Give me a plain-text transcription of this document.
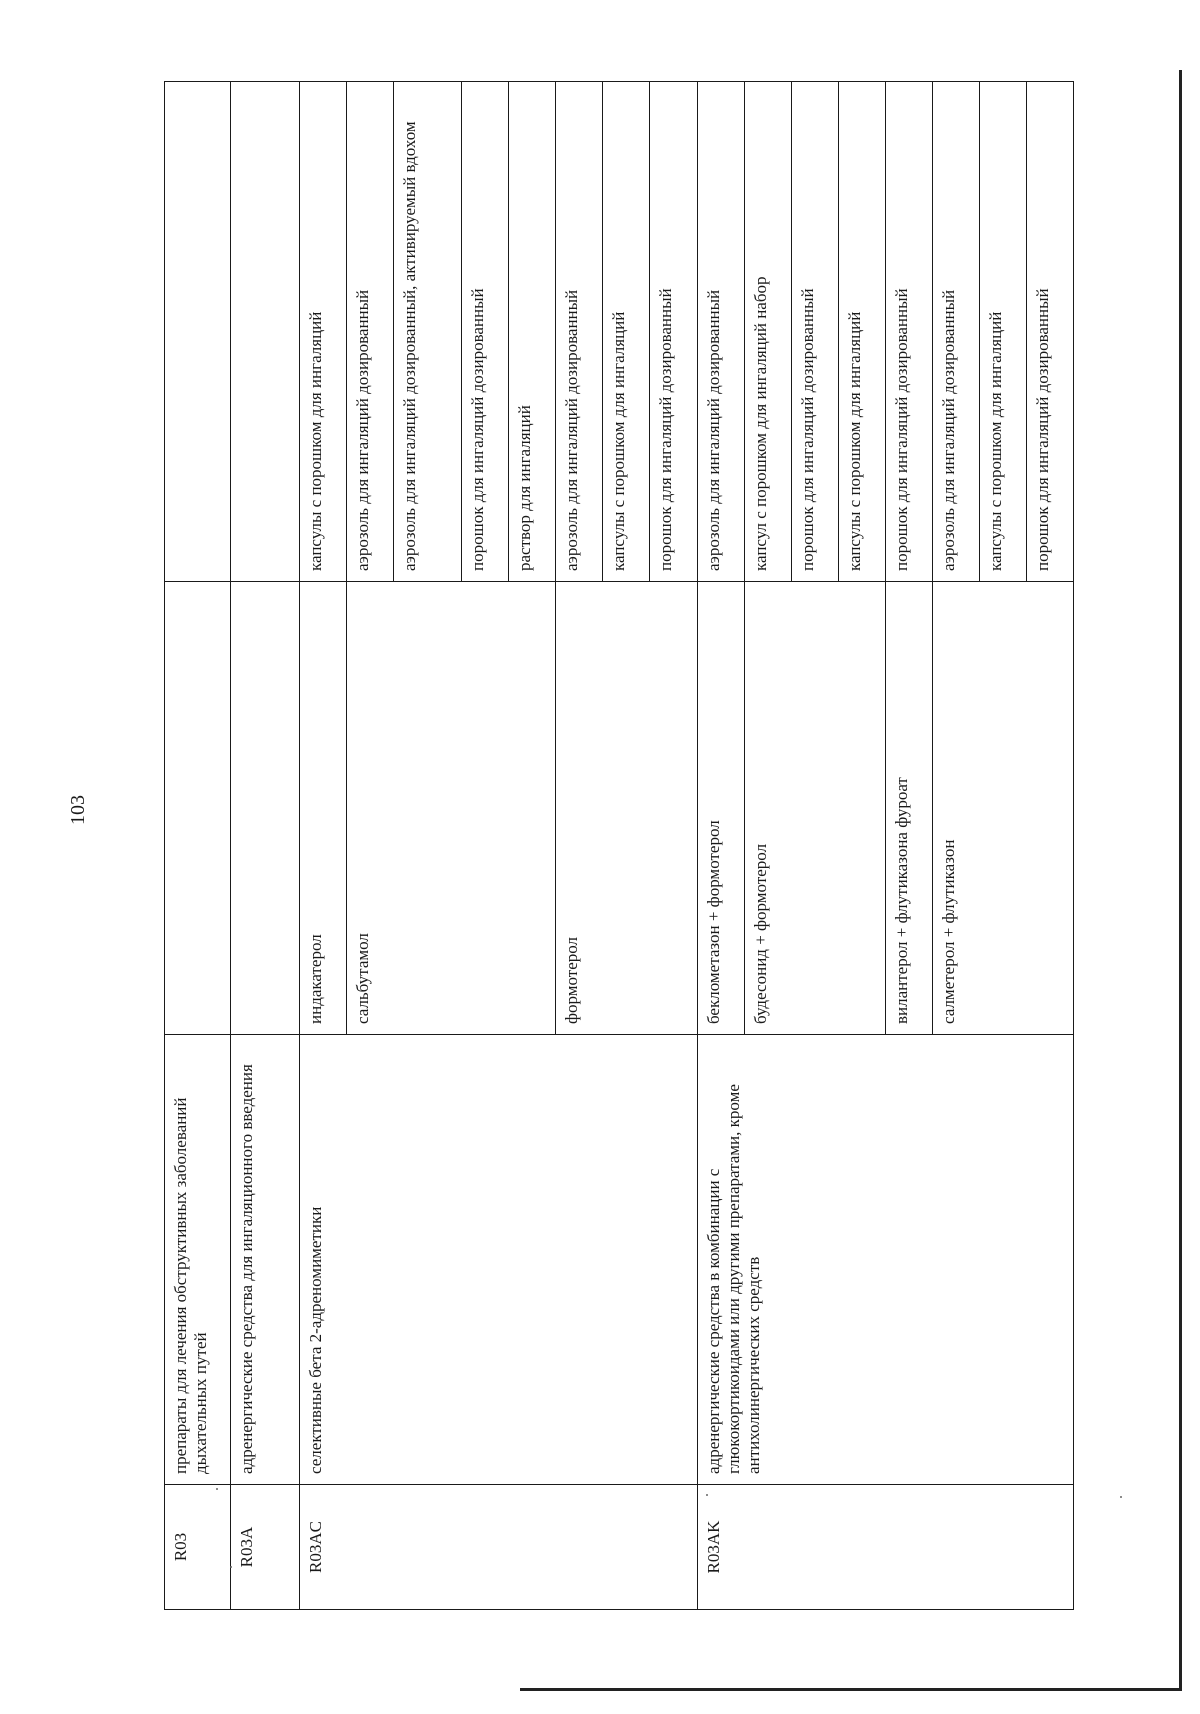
103
R03	препараты для лечения обструктивных заболеваний дыхательных путей		
R03A	адренергические средства для ингаляционного введения		
R03AC	селективные бета 2-адреномиметики	индакатерол	капсулы с порошком для ингаляций
		сальбутамол	аэрозоль для ингаляций дозированный
			аэрозоль для ингаляций дозированный, активируемый вдохом
			порошок для ингаляций дозированный
			раствор для ингаляций
		формотерол	аэрозоль для ингаляций дозированный
			капсулы с порошком для ингаляций
			порошок для ингаляций дозированный
R03AK	адренергические средства в комбинации с глюкокортикоидами или другими препаратами, кроме антихолинергических средств	беклометазон + формотерол	аэрозоль для ингаляций дозированный
		будесонид + формотерол	капсул с порошком для ингаляций набор
			порошок для ингаляций дозированный
			капсулы с порошком для ингаляций
		вилантерол + флутиказона фуроат	порошок для ингаляций дозированный
		салметерол + флутиказон	аэрозоль для ингаляций дозированный
			капсулы с порошком для ингаляций
			порошок для ингаляций дозированный
